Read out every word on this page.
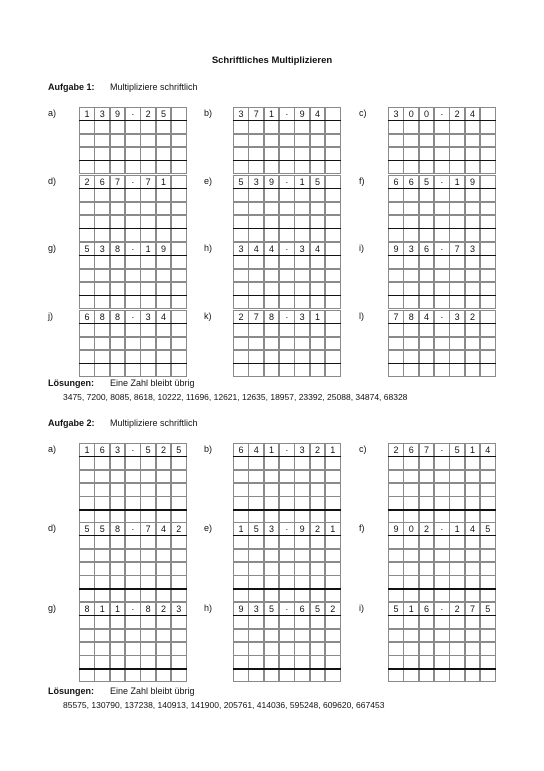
Schriftliches Multiplizieren
Aufgabe 1: Multipliziere schriftlich
a)	1	3	9	·	2	5	b)	3	7	1	·	9	4	c)	3	0	0	·	2	4
d)	2	6	7	·	7	1	e)	5	3	9	·	1	5	f)	6	6	5	·	1	9
g)	5	3	8	·	1	9	h)	3	4	4	·	3	4	i)	9	3	6	·	7	3
j)	6	8	8	·	3	4	k)	2	7	8	·	3	1	l)	7	8	4	·	3	2
Lösungen: Eine Zahl bleibt übrig
3475, 7200, 8085, 8618, 10222, 11696, 12621, 12635, 18957, 23392, 25088, 34874, 68328
Aufgabe 2: Multipliziere schriftlich
a)	1	6	3	·	5	2	5	b)	6	4	1	·	3	2	1	c)	2	6	7	·	5	1	4
d)	5	5	8	·	7	4	2	e)	1	5	3	·	9	2	1	f)	9	0	2	·	1	4	5
g)	8	1	1	·	8	2	3	h)	9	3	5	·	6	5	2	i)	5	1	6	·	2	7	5
Lösungen: Eine Zahl bleibt übrig
85575, 130790, 137238, 140913, 141900, 205761, 414036, 595248, 609620, 667453
